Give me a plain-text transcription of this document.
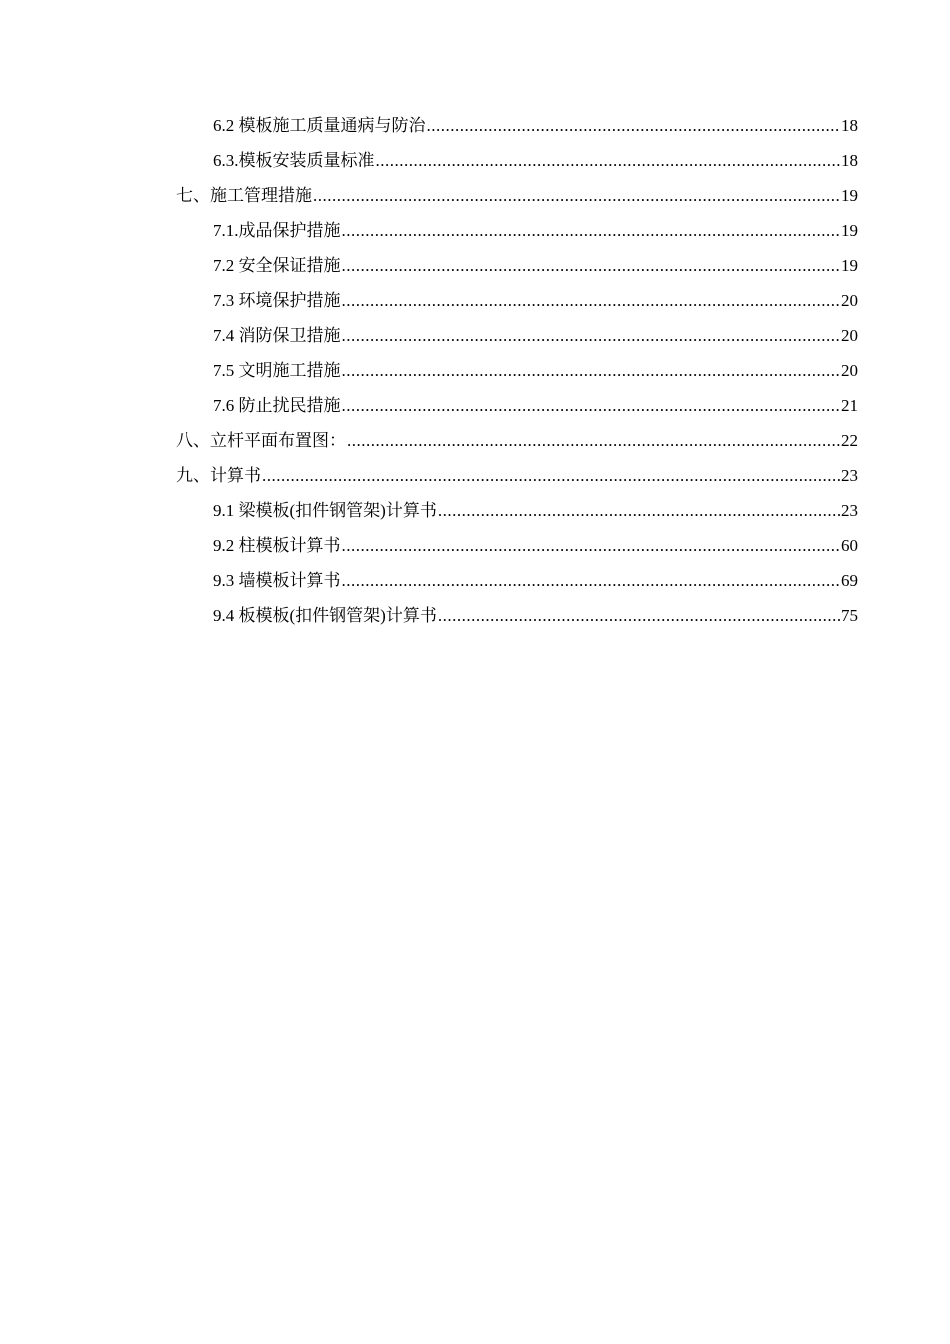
6.2 模板施工质量通病与防治 .....	18
6.3.模板安装质量标准 .....	18
七、施工管理措施 .....	19
7.1.成品保护措施 .....	19
7.2 安全保证措施 .....	19
7.3 环境保护措施 .....	20
7.4 消防保卫措施 .....	20
7.5 文明施工措施 .....	20
7.6 防止扰民措施 .....	21
八、立杆平面布置图： .....	22
九、计算书 .....	23
9.1 梁模板(扣件钢管架)计算书 .....	23
9.2 柱模板计算书 .....	60
9.3 墙模板计算书 .....	69
9.4 板模板(扣件钢管架)计算书 .....	75
